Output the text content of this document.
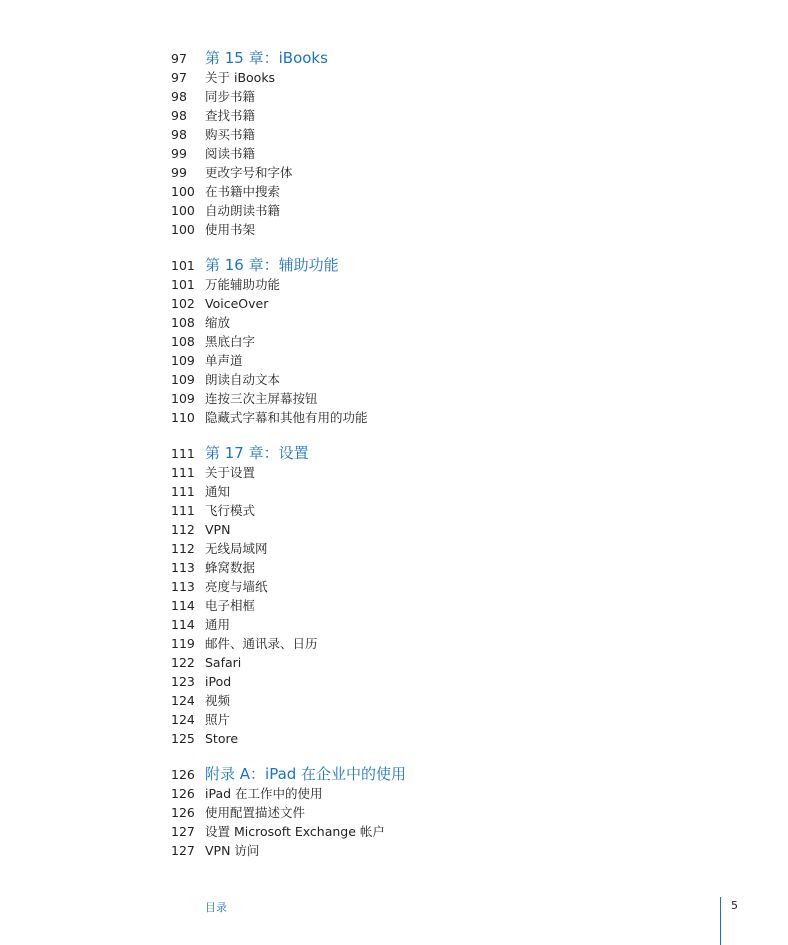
97	第 15 章：iBooks
97	关于 iBooks
98	同步书籍
98	查找书籍
98	购买书籍
99	阅读书籍
99	更改字号和字体
100 在书籍中搜索
100 自动朗读书籍
100 使用书架
101 第 16 章：辅助功能
101 万能辅助功能
102 VoiceOver
108 缩放
108 黑底白字
109 单声道
109 朗读自动文本
109 连按三次主屏幕按钮
110 隐藏式字幕和其他有用的功能
111 第 17 章：设置
111 关于设置
111 通知
111 飞行模式
112 VPN
112 无线局域网
113 蜂窝数据
113 亮度与墙纸
114 电子相框
114 通用
119 邮件、通讯录、日历
122 Safari
123 iPod
124 视频
124 照片
125 Store
126 附录 A：iPad 在企业中的使用
126 iPad 在工作中的使用
126 使用配置描述文件
127 设置 Microsoft Exchange 帐户
127 VPN 访问
目录	5
